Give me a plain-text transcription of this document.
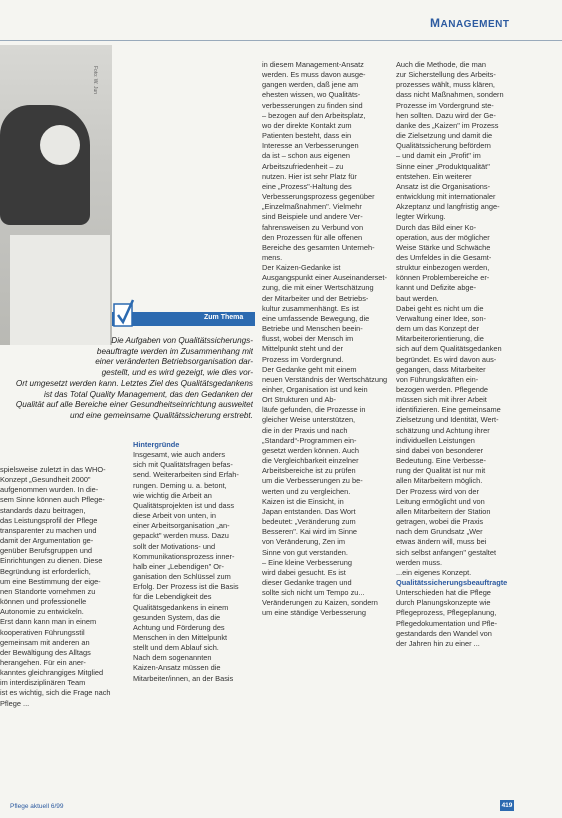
MANAGEMENT
Foto: W. Jun
Zum Thema

Die Aufgaben von Qualitätssicherungs-

beauftragte werden im Zusammenhang mit

einer veränderten Betriebsorganisation dar-

gestellt, und es wird gezeigt, wie dies vor-

Ort umgesetzt werden kann. Letztes Ziel des Qualitätsgedankens

ist das Total Quality Management, das den Gedanken der

Qualität auf alle Bereiche einer Gesundheitseinrichtung ausweitet

und eine gemeinsame Qualitätssicherung erstrebt.

spielsweise zuletzt in das WHO-

Konzept „Gesundheit 2000"

aufgenommen wurden. In die-

sem Sinne können auch Pflege-

standards dazu beitragen,

das Leistungsprofil der Pflege

transparenter zu machen und

damit der Argumentation ge-

genüber Berufsgruppen und

Einrichtungen zu dienen. Diese

Begründung ist erforderlich,

um eine Bestimmung der eige-

nen Standorte vornehmen zu

können und professionelle

Autonomie zu entwickeln.

Erst dann kann man in einem

kooperativen Führungsstil

gemeinsam mit anderen an

der Bewältigung des Alltags

herangehen. Für ein aner-

kanntes gleichrangiges Mitglied

im interdisziplinären Team

ist es wichtig, sich die Frage nach

Pflege ...

Hintergründe

Insgesamt, wie auch anders

sich mit Qualitätsfragen befas-

send. Weiterarbeiten sind Erfah-

rungen. Deming u. a. betont,

wie wichtig die Arbeit an

Qualitätsprojekten ist und dass

diese Arbeit von unten, in

einer Arbeitsorganisation „an-

gepackt" werden muss. Dazu

sollt der Motivations- und

Kommunikationsprozess inner-

halb einer „Lebendigen" Or-

ganisation den Schlüssel zum

Erfolg. Der Prozess ist die Basis

für die Lebendigkeit des

Qualitätsgedankens in einem

gesunden System, das die

Achtung und Förderung des

Menschen in den Mittelpunkt

stellt und dem Ablauf sich.

Nach dem sogenannten

Kaizen-Ansatz müssen die

Mitarbeiter/innen, an der Basis

in diesem Management-Ansatz

werden. Es muss davon ausge-

gangen werden, daß jene am

ehesten wissen, wo Qualitäts-

verbesserungen zu finden sind

– bezogen auf den Arbeitsplatz,

wo der direkte Kontakt zum

Patienten besteht, dass ein

Interesse an Verbesserungen

da ist – schon aus eigenen

Arbeitszufriedenheit – zu

nutzen. Hier ist sehr Platz für

eine „Prozess"-Haltung des

Verbesserungsprozess gegenüber

„Einzelmaßnahmen". Vielmehr

sind Beispiele und andere Ver-

fahrensweisen zu Verbund von

den Prozessen für alle offenen

Bereiche des gesamten Unterneh-

mens.

Der Kaizen-Gedanke ist

Ausgangspunkt einer Auseinanderset-

zung, die mit einer Wertschätzung

der Mitarbeiter und der Betriebs-

kultur zusammenhängt. Es ist

eine umfassende Bewegung, die

Betriebe und Menschen beein-

flusst, wobei der Mensch im

Mittelpunkt steht und der

Prozess im Vordergrund.

Der Gedanke geht mit einem

neuen Verständnis der Wertschätzung

einher, Organisation ist und kein

Ort Strukturen und Ab-

läufe gefunden, die Prozesse in

gleicher Weise unterstützen,

die in der Praxis und nach

„Standard“-Programmen ein-

gesetzt werden können. Auch

die Vergleichbarkeit einzelner

Arbeitsbereiche ist zu prüfen

um die Verbesserungen zu be-

werten und zu vergleichen.

Kaizen ist die Einsicht, in

Japan entstanden. Das Wort

bedeutet: „Veränderung zum

Besseren". Kai wird im Sinne

von Veränderung, Zen im

Sinne von gut verstanden.

– Eine kleine Verbesserung

wird dabei gesucht. Es ist

dieser Gedanke tragen und

sollte sich nicht um Tempo zu...

Veränderungen zu Kaizen, sondern

um eine ständige Verbesserung

Auch die Methode, die man

zur Sicherstellung des Arbeits-

prozesses wählt, muss klären,

dass nicht Maßnahmen, sondern

Prozesse im Vordergrund ste-

hen sollten. Dazu wird der Ge-

danke des „Kaizen" im Prozess

die Zielsetzung und damit die

Qualitätssicherung befördern

– und damit ein „Profit" im

Sinne einer „Produktqualität"

entstehen. Ein weiterer

Ansatz ist die Organisations-

entwicklung mit internationaler

Akzeptanz und langfristig ange-

legter Wirkung.

Durch das Bild einer Ko-

operation, aus der möglicher

Weise Stärke und Schwäche

des Umfeldes in die Gesamt-

struktur einbezogen werden,

können Problembereiche er-

kannt und Defizite abge-

baut werden.

Dabei geht es nicht um die

Verwaltung einer Idee, son-

dern um das Konzept der

Mitarbeiterorientierung, die

sich auf dem Qualitätsgedanken

begründet. Es wird davon aus-

gegangen, dass Mitarbeiter

von Führungskräften ein-

bezogen werden. Pflegende

müssen sich mit ihrer Arbeit

identifizieren. Eine gemeinsame

Zielsetzung und Identität, Wert-

schätzung und Achtung ihrer

individuellen Leistungen

sind dabei von besonderer

Bedeutung. Eine Verbesse-

rung der Qualität ist nur mit

allen Mitarbeitern möglich.

Der Prozess wird von der

Leitung ermöglicht und von

allen Mitarbeitern der Station

getragen, wobei die Praxis

nach dem Grundsatz „Wer

etwas ändern will, muss bei

sich selbst anfangen" gestaltet

werden muss.

...ein eigenes Konzept.

Qualitätssicherungsbeauftragte

Unterschieden hat die Pflege

durch Planungskonzepte wie

Pflegeprozess, Pflegeplanung,

Pflegedokumentation und Pfle-

gestandards den Wandel von

der Jahren hin zu einer ...

Pflege aktuell 6/99	419
